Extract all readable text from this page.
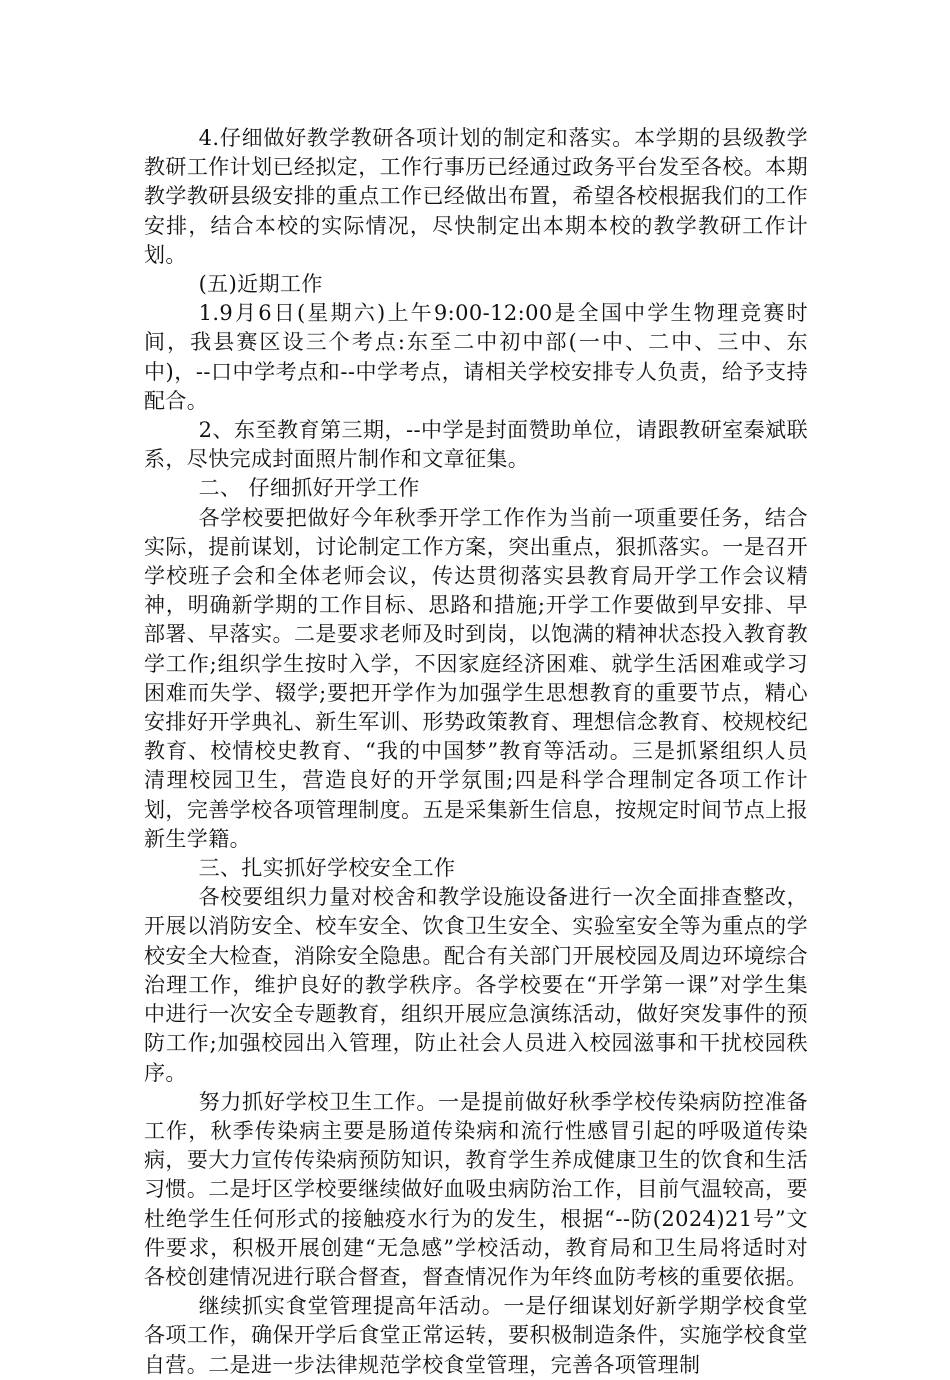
4.仔细做好教学教研各项计划的制定和落实。本学期的县级教学教研工作计划已经拟定，工作行事历已经通过政务平台发至各校。本期教学教研县级安排的重点工作已经做出布置，希望各校根据我们的工作安排，结合本校的实际情况，尽快制定出本期本校的教学教研工作计划。

(五)近期工作

1.9月6日(星期六)上午9:00-12:00是全国中学生物理竞赛时间，我县赛区设三个考点:东至二中初中部(一中、二中、三中、东中)，--口中学考点和--中学考点，请相关学校安排专人负责，给予支持配合。

2、东至教育第三期，--中学是封面赞助单位，请跟教研室秦斌联系，尽快完成封面照片制作和文章征集。

二、 仔细抓好开学工作

各学校要把做好今年秋季开学工作作为当前一项重要任务，结合实际，提前谋划，讨论制定工作方案，突出重点，狠抓落实。一是召开学校班子会和全体老师会议，传达贯彻落实县教育局开学工作会议精神，明确新学期的工作目标、思路和措施;开学工作要做到早安排、早部署、早落实。二是要求老师及时到岗，以饱满的精神状态投入教育教学工作;组织学生按时入学，不因家庭经济困难、就学生活困难或学习困难而失学、辍学;要把开学作为加强学生思想教育的重要节点，精心安排好开学典礼、新生军训、形势政策教育、理想信念教育、校规校纪教育、校情校史教育、“我的中国梦”教育等活动。三是抓紧组织人员清理校园卫生，营造良好的开学氛围;四是科学合理制定各项工作计划，完善学校各项管理制度。五是采集新生信息，按规定时间节点上报新生学籍。

三、扎实抓好学校安全工作

各校要组织力量对校舍和教学设施设备进行一次全面排查整改，开展以消防安全、校车安全、饮食卫生安全、实验室安全等为重点的学校安全大检查，消除安全隐患。配合有关部门开展校园及周边环境综合治理工作，维护良好的教学秩序。各学校要在“开学第一课”对学生集中进行一次安全专题教育，组织开展应急演练活动，做好突发事件的预防工作;加强校园出入管理，防止社会人员进入校园滋事和干扰校园秩序。

努力抓好学校卫生工作。一是提前做好秋季学校传染病防控准备工作，秋季传染病主要是肠道传染病和流行性感冒引起的呼吸道传染病，要大力宣传传染病预防知识，教育学生养成健康卫生的饮食和生活习惯。二是圩区学校要继续做好血吸虫病防治工作，目前气温较高，要杜绝学生任何形式的接触疫水行为的发生，根据“--防(2024)21号”文件要求，积极开展创建“无急感”学校活动，教育局和卫生局将适时对各校创建情况进行联合督查，督查情况作为年终血防考核的重要依据。

继续抓实食堂管理提高年活动。一是仔细谋划好新学期学校食堂各项工作，确保开学后食堂正常运转，要积极制造条件，实施学校食堂自营。二是进一步法律规范学校食堂管理，完善各项管理制
